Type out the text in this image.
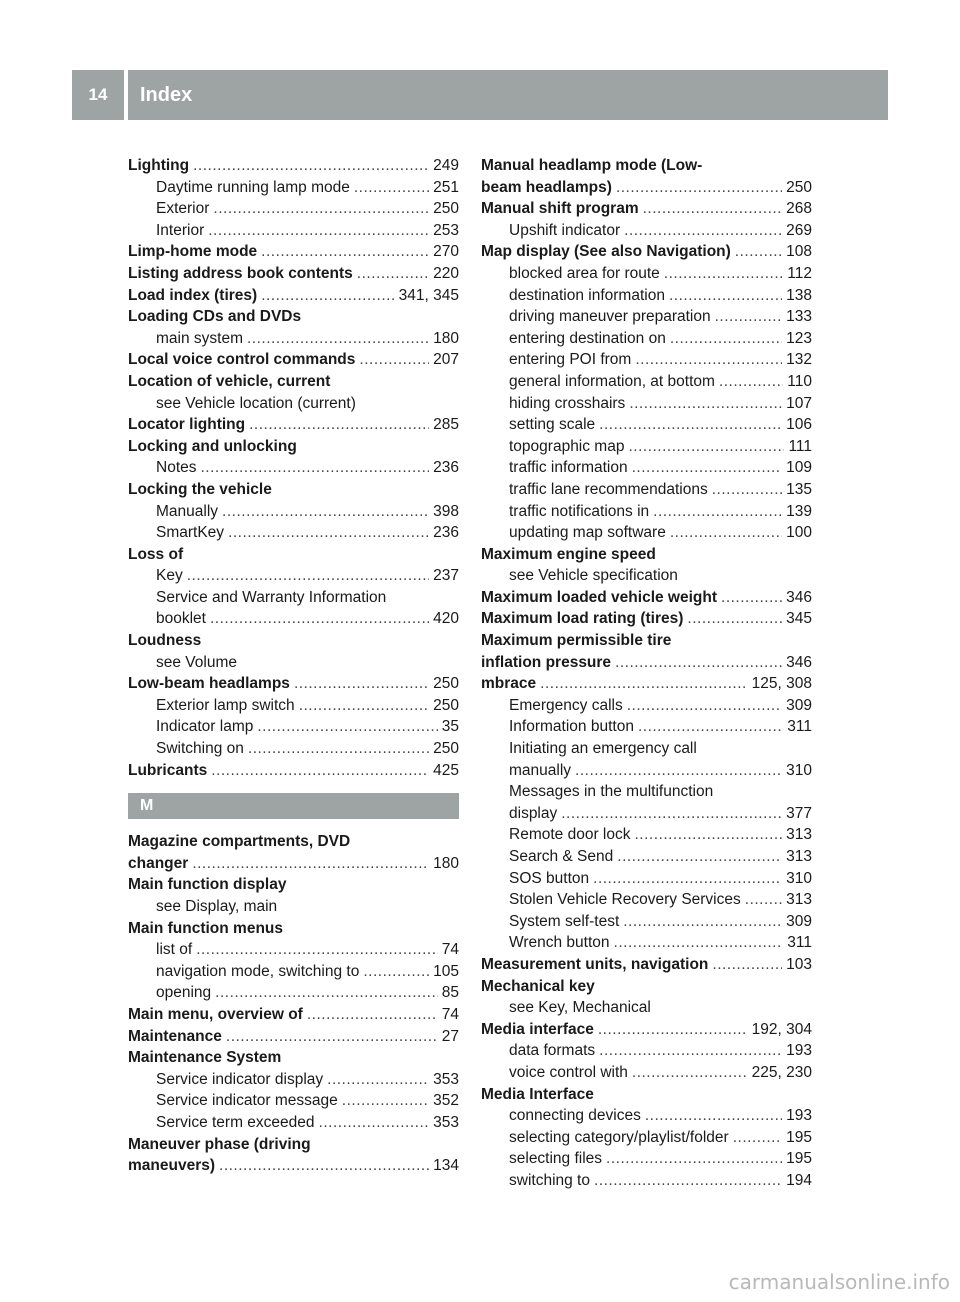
14	Index
Lighting .....	249
Daytime running lamp mode .....	251
Exterior .....	250
Interior .....	253
Limp-home mode .....	270
Listing address book contents .....	220
Load index (tires) .....	341, 345
Loading CDs and DVDs
main system .....	180
Local voice control commands .....	207
Location of vehicle, current
see Vehicle location (current)
Locator lighting .....	285
Locking and unlocking
Notes .....	236
Locking the vehicle
Manually .....	398
SmartKey .....	236
Loss of
Key .....	237
Service and Warranty Information
booklet .....	420
Loudness
see Volume
Low-beam headlamps .....	250
Exterior lamp switch .....	250
Indicator lamp .....	35
Switching on .....	250
Lubricants .....	425
M
Magazine compartments, DVD
changer .....	180
Main function display
see Display, main
Main function menus
list of .....	74
navigation mode, switching to .....	105
opening .....	85
Main menu, overview of .....	74
Maintenance .....	27
Maintenance System
Service indicator display .....	353
Service indicator message .....	352
Service term exceeded .....	353
Maneuver phase (driving
maneuvers) .....	134
Manual headlamp mode (Low-
beam headlamps) .....	250
Manual shift program .....	268
Upshift indicator .....	269
Map display (See also Navigation) .....	108
blocked area for route .....	112
destination information .....	138
driving maneuver preparation .....	133
entering destination on .....	123
entering POI from .....	132
general information, at bottom .....	110
hiding crosshairs .....	107
setting scale .....	106
topographic map .....	111
traffic information .....	109
traffic lane recommendations .....	135
traffic notifications in .....	139
updating map software .....	100
Maximum engine speed
see Vehicle specification
Maximum loaded vehicle weight .....	346
Maximum load rating (tires) .....	345
Maximum permissible tire
inflation pressure .....	346
mbrace .....	125, 308
Emergency calls .....	309
Information button .....	311
Initiating an emergency call
manually .....	310
Messages in the multifunction
display .....	377
Remote door lock .....	313
Search & Send .....	313
SOS button .....	310
Stolen Vehicle Recovery Services .....	313
System self-test .....	309
Wrench button .....	311
Measurement units, navigation .....	103
Mechanical key
see Key, Mechanical
Media interface .....	192, 304
data formats .....	193
voice control with .....	225, 230
Media Interface
connecting devices .....	193
selecting category/playlist/folder .....	195
selecting files .....	195
switching to .....	194
carmanualsonline.info
